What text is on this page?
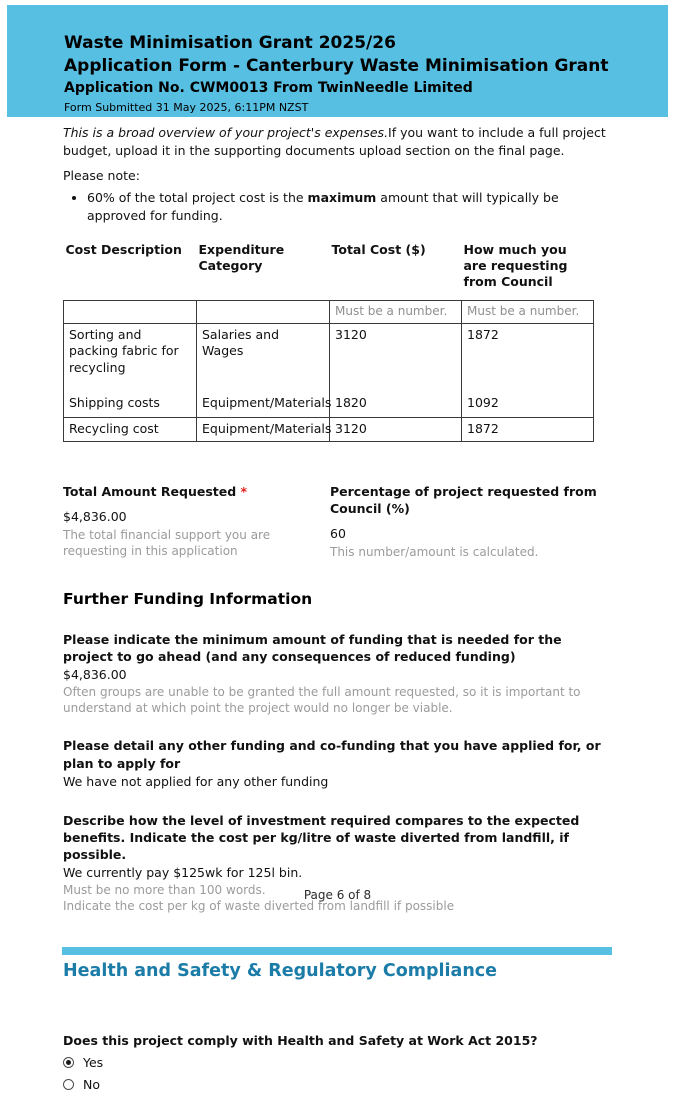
Waste Minimisation Grant 2025/26
Application Form - Canterbury Waste Minimisation Grant
Application No. CWM0013 From TwinNeedle Limited
Form Submitted 31 May 2025, 6:11PM NZST

This is a broad overview of your project's expenses.If you want to include a full project budget, upload it in the supporting documents upload section on the final page.

Please note:

• 60% of the total project cost is the maximum amount that will typically be approved for funding.
Cost Description	Expenditure Category	Total Cost ($)	How much you are requesting from Council
		Must be a number.	Must be a number.
Sorting and packing fabric for recycling	Salaries and Wages	3120	1872
Shipping costs	Equipment/Materials	1820	1092
Recycling cost	Equipment/Materials	3120	1872
Total Amount Requested *
$4,836.00
The total financial support you are requesting in this application
Percentage of project requested from Council (%)
60
This number/amount is calculated.
Further Funding Information
Please indicate the minimum amount of funding that is needed for the project to go ahead (and any consequences of reduced funding)
$4,836.00
Often groups are unable to be granted the full amount requested, so it is important to understand at which point the project would no longer be viable.
Please detail any other funding and co-funding that you have applied for, or plan to apply for
We have not applied for any other funding
Describe how the level of investment required compares to the expected benefits. Indicate the cost per kg/litre of waste diverted from landfill, if possible.
We currently pay $125wk for 125l bin.
Must be no more than 100 words.
Indicate the cost per kg of waste diverted from landfill if possible
Health and Safety & Regulatory Compliance
Does this project comply with Health and Safety at Work Act 2015?
Yes
No
Page 6 of 8
